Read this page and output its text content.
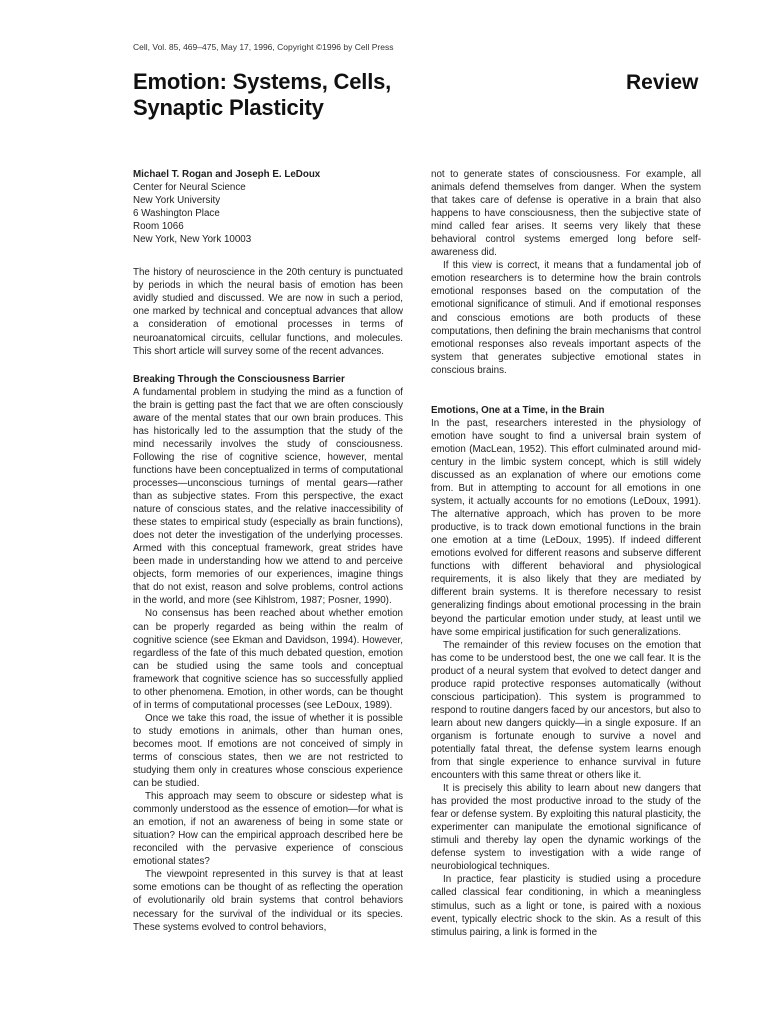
Cell, Vol. 85, 469–475, May 17, 1996, Copyright ©1996 by Cell Press
Emotion: Systems, Cells,
Synaptic Plasticity
Review

Michael T. Rogan and Joseph E. LeDoux

Center for Neural Science

New York University

6 Washington Place

Room 1066

New York, New York 10003

The history of neuroscience in the 20th century is punctuated by periods in which the neural basis of emotion has been avidly studied and discussed. We are now in such a period, one marked by technical and conceptual advances that allow a consideration of emotional processes in terms of neuroanatomical circuits, cellular functions, and molecules. This short article will survey some of the recent advances.

Breaking Through the Consciousness Barrier

A fundamental problem in studying the mind as a function of the brain is getting past the fact that we are often consciously aware of the mental states that our own brain produces. This has historically led to the assumption that the study of the mind necessarily involves the study of consciousness. Following the rise of cognitive science, however, mental functions have been conceptualized in terms of computational processes—unconscious turnings of mental gears—rather than as subjective states. From this perspective, the exact nature of conscious states, and the relative inaccessibility of these states to empirical study (especially as brain functions), does not deter the investigation of the underlying processes. Armed with this conceptual framework, great strides have been made in understanding how we attend to and perceive objects, form memories of our experiences, imagine things that do not exist, reason and solve problems, control actions in the world, and more (see Kihlstrom, 1987; Posner, 1990).

No consensus has been reached about whether emotion can be properly regarded as being within the realm of cognitive science (see Ekman and Davidson, 1994). However, regardless of the fate of this much debated question, emotion can be studied using the same tools and conceptual framework that cognitive science has so successfully applied to other phenomena. Emotion, in other words, can be thought of in terms of computational processes (see LeDoux, 1989).

Once we take this road, the issue of whether it is possible to study emotions in animals, other than human ones, becomes moot. If emotions are not conceived of simply in terms of conscious states, then we are not restricted to studying them only in creatures whose conscious experience can be studied.

This approach may seem to obscure or sidestep what is commonly understood as the essence of emotion—for what is an emotion, if not an awareness of being in some state or situation? How can the empirical approach described here be reconciled with the pervasive experience of conscious emotional states?

The viewpoint represented in this survey is that at least some emotions can be thought of as reflecting the operation of evolutionarily old brain systems that control behaviors necessary for the survival of the individual or its species. These systems evolved to control behaviors,

not to generate states of consciousness. For example, all animals defend themselves from danger. When the system that takes care of defense is operative in a brain that also happens to have consciousness, then the subjective state of mind called fear arises. It seems very likely that these behavioral control systems emerged long before self-awareness did.

If this view is correct, it means that a fundamental job of emotion researchers is to determine how the brain controls emotional responses based on the computation of the emotional significance of stimuli. And if emotional responses and conscious emotions are both products of these computations, then defining the brain mechanisms that control emotional responses also reveals important aspects of the system that generates subjective emotional states in conscious brains.

Emotions, One at a Time, in the Brain

In the past, researchers interested in the physiology of emotion have sought to find a universal brain system of emotion (MacLean, 1952). This effort culminated around mid-century in the limbic system concept, which is still widely discussed as an explanation of where our emotions come from. But in attempting to account for all emotions in one system, it actually accounts for no emotions (LeDoux, 1991). The alternative approach, which has proven to be more productive, is to track down emotional functions in the brain one emotion at a time (LeDoux, 1995). If indeed different emotions evolved for different reasons and subserve different functions with different behavioral and physiological requirements, it is also likely that they are mediated by different brain systems. It is therefore necessary to resist generalizing findings about emotional processing in the brain beyond the particular emotion under study, at least until we have some empirical justification for such generalizations.

The remainder of this review focuses on the emotion that has come to be understood best, the one we call fear. It is the product of a neural system that evolved to detect danger and produce rapid protective responses automatically (without conscious participation). This system is programmed to respond to routine dangers faced by our ancestors, but also to learn about new dangers quickly—in a single exposure. If an organism is fortunate enough to survive a novel and potentially fatal threat, the defense system learns enough from that single experience to enhance survival in future encounters with this same threat or others like it.

It is precisely this ability to learn about new dangers that has provided the most productive inroad to the study of the fear or defense system. By exploiting this natural plasticity, the experimenter can manipulate the emotional significance of stimuli and thereby lay open the dynamic workings of the defense system to investigation with a wide range of neurobiological techniques.

In practice, fear plasticity is studied using a procedure called classical fear conditioning, in which a meaningless stimulus, such as a light or tone, is paired with a noxious event, typically electric shock to the skin. As a result of this stimulus pairing, a link is formed in the
